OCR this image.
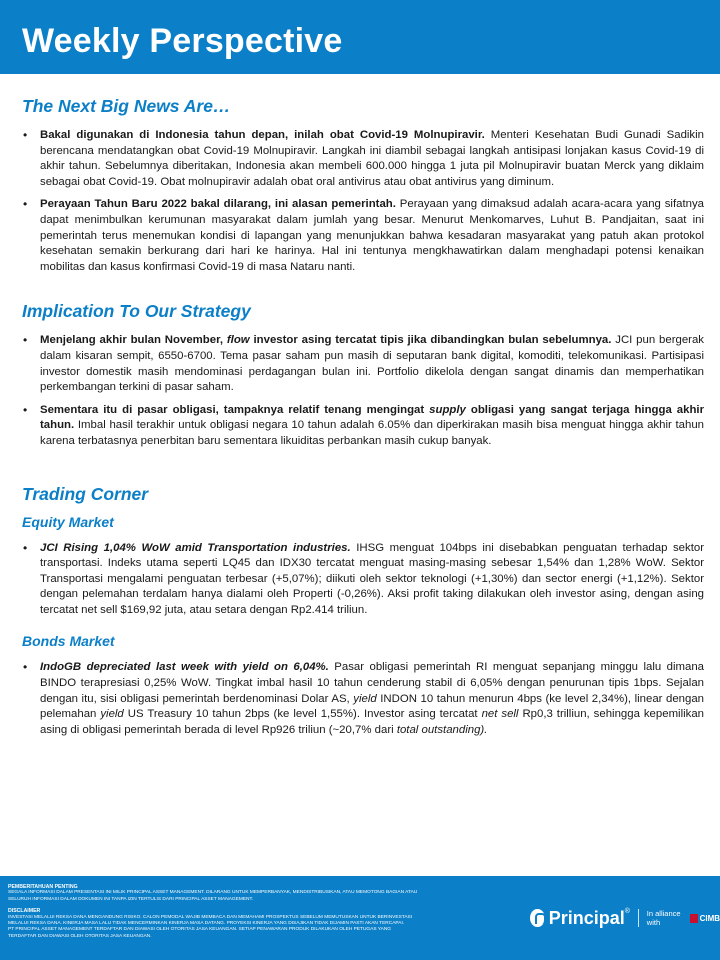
Weekly Perspective
The Next Big News Are…
• Bakal digunakan di Indonesia tahun depan, inilah obat Covid-19 Molnupiravir. Menteri Kesehatan Budi Gunadi Sadikin berencana mendatangkan obat Covid-19 Molnupiravir. Langkah ini diambil sebagai langkah antisipasi lonjakan kasus Covid-19 di akhir tahun. Sebelumnya diberitakan, Indonesia akan membeli 600.000 hingga 1 juta pil Molnupiravir buatan Merck yang diklaim sebagai obat Covid-19. Obat molnupiravir adalah obat oral antivirus atau obat antivirus yang diminum.
• Perayaan Tahun Baru 2022 bakal dilarang, ini alasan pemerintah. Perayaan yang dimaksud adalah acara-acara yang sifatnya dapat menimbulkan kerumunan masyarakat dalam jumlah yang besar. Menurut Menkomarves, Luhut B. Pandjaitan, saat ini pemerintah terus menemukan kondisi di lapangan yang menunjukkan bahwa kesadaran masyarakat yang patuh akan protokol kesehatan semakin berkurang dari hari ke harinya. Hal ini tentunya mengkhawatirkan dalam menghadapi potensi kenaikan mobilitas dan kasus konfirmasi Covid-19 di masa Nataru nanti.
Implication To Our Strategy
• Menjelang akhir bulan November, flow investor asing tercatat tipis jika dibandingkan bulan sebelumnya. JCI pun bergerak dalam kisaran sempit, 6550-6700. Tema pasar saham pun masih di seputaran bank digital, komoditi, telekomunikasi. Partisipasi investor domestik masih mendominasi perdagangan bulan ini. Portfolio dikelola dengan sangat dinamis dan memperhatikan perkembangan terkini di pasar saham.
• Sementara itu di pasar obligasi, tampaknya relatif tenang mengingat supply obligasi yang sangat terjaga hingga akhir tahun. Imbal hasil terakhir untuk obligasi negara 10 tahun adalah 6.05% dan diperkirakan masih bisa menguat hingga akhir tahun karena terbatasnya penerbitan baru sementara likuiditas perbankan masih cukup banyak.
Trading Corner
Equity Market
• JCI Rising 1,04% WoW amid Transportation industries. IHSG menguat 104bps ini disebabkan penguatan terhadap sektor transportasi. Indeks utama seperti LQ45 dan IDX30 tercatat menguat masing-masing sebesar 1,54% dan 1,28% WoW. Sektor Transportasi mengalami penguatan terbesar (+5,07%); diikuti oleh sektor teknologi (+1,30%) dan sector energi (+1,12%). Sektor dengan pelemahan terdalam hanya dialami oleh Properti (-0,26%). Aksi profit taking dilakukan oleh investor asing, dengan asing tercatat net sell $169,92 juta, atau setara dengan Rp2.414 triliun.
Bonds Market
• IndoGB depreciated last week with yield on 6,04%. Pasar obligasi pemerintah RI menguat sepanjang minggu lalu dimana BINDO terapresiasi 0,25% WoW. Tingkat imbal hasil 10 tahun cenderung stabil di 6,05% dengan penurunan tipis 1bps. Sejalan dengan itu, sisi obligasi pemerintah berdenominasi Dolar AS, yield INDON 10 tahun menurun 4bps (ke level 2,34%), linear dengan pelemahan yield US Treasury 10 tahun 2bps (ke level 1,55%). Investor asing tercatat net sell Rp0,3 trilliun, sehingga kepemilikan asing di obligasi pemerintah berada di level Rp926 triliun (~20,7% dari total outstanding).
PEMBERITAHUAN PENTING
SEGALA INFORMASI DALAM PRESENTASI INI MILIK PRINCIPAL ASSET MANAGEMENT. DILARANG UNTUK MEMPERBANYAK, MENDISTRIBUSIKAN, ATAU MEMOTONG BAGIAN ATAU
SELURUH INFORMASI DALAM DOKUMEN INI TANPA IZIN TERTULIS DARI PRINCIPAL ASSET MANAGEMENT.
DISCLAIMER
INVESTASI MELALUI REKSA DANA MENGANDUNG RISIKO. CALON PEMODAL WAJIB MEMBACA DAN MEMAHAMI PROSPEKTUS SEBELUM MEMUTUSKAN UNTUK BERINVESTASI
MELALUI REKSA DANA. KINERJA MASA LALU TIDAK MENCERMINKAN KINERJA MASA DATANG. PROYEKSI KINERJA YANG DISAJIKAN TIDAK DIJAMIN PASTI AKAN TERCAPAI.
PT PRINCIPAL ASSET MANAGEMENT TERDAFTAR DAN DIAWASI OLEH OTORITAS JASA KEUANGAN. SETIAP PENAWARAN PRODUK DILAKUKAN OLEH PETUGAS YANG
TERDAFTAR DAN DIAWASI OLEH OTORITAS JASA KEUANGAN.
Principal ® In alliance with	CIMB
